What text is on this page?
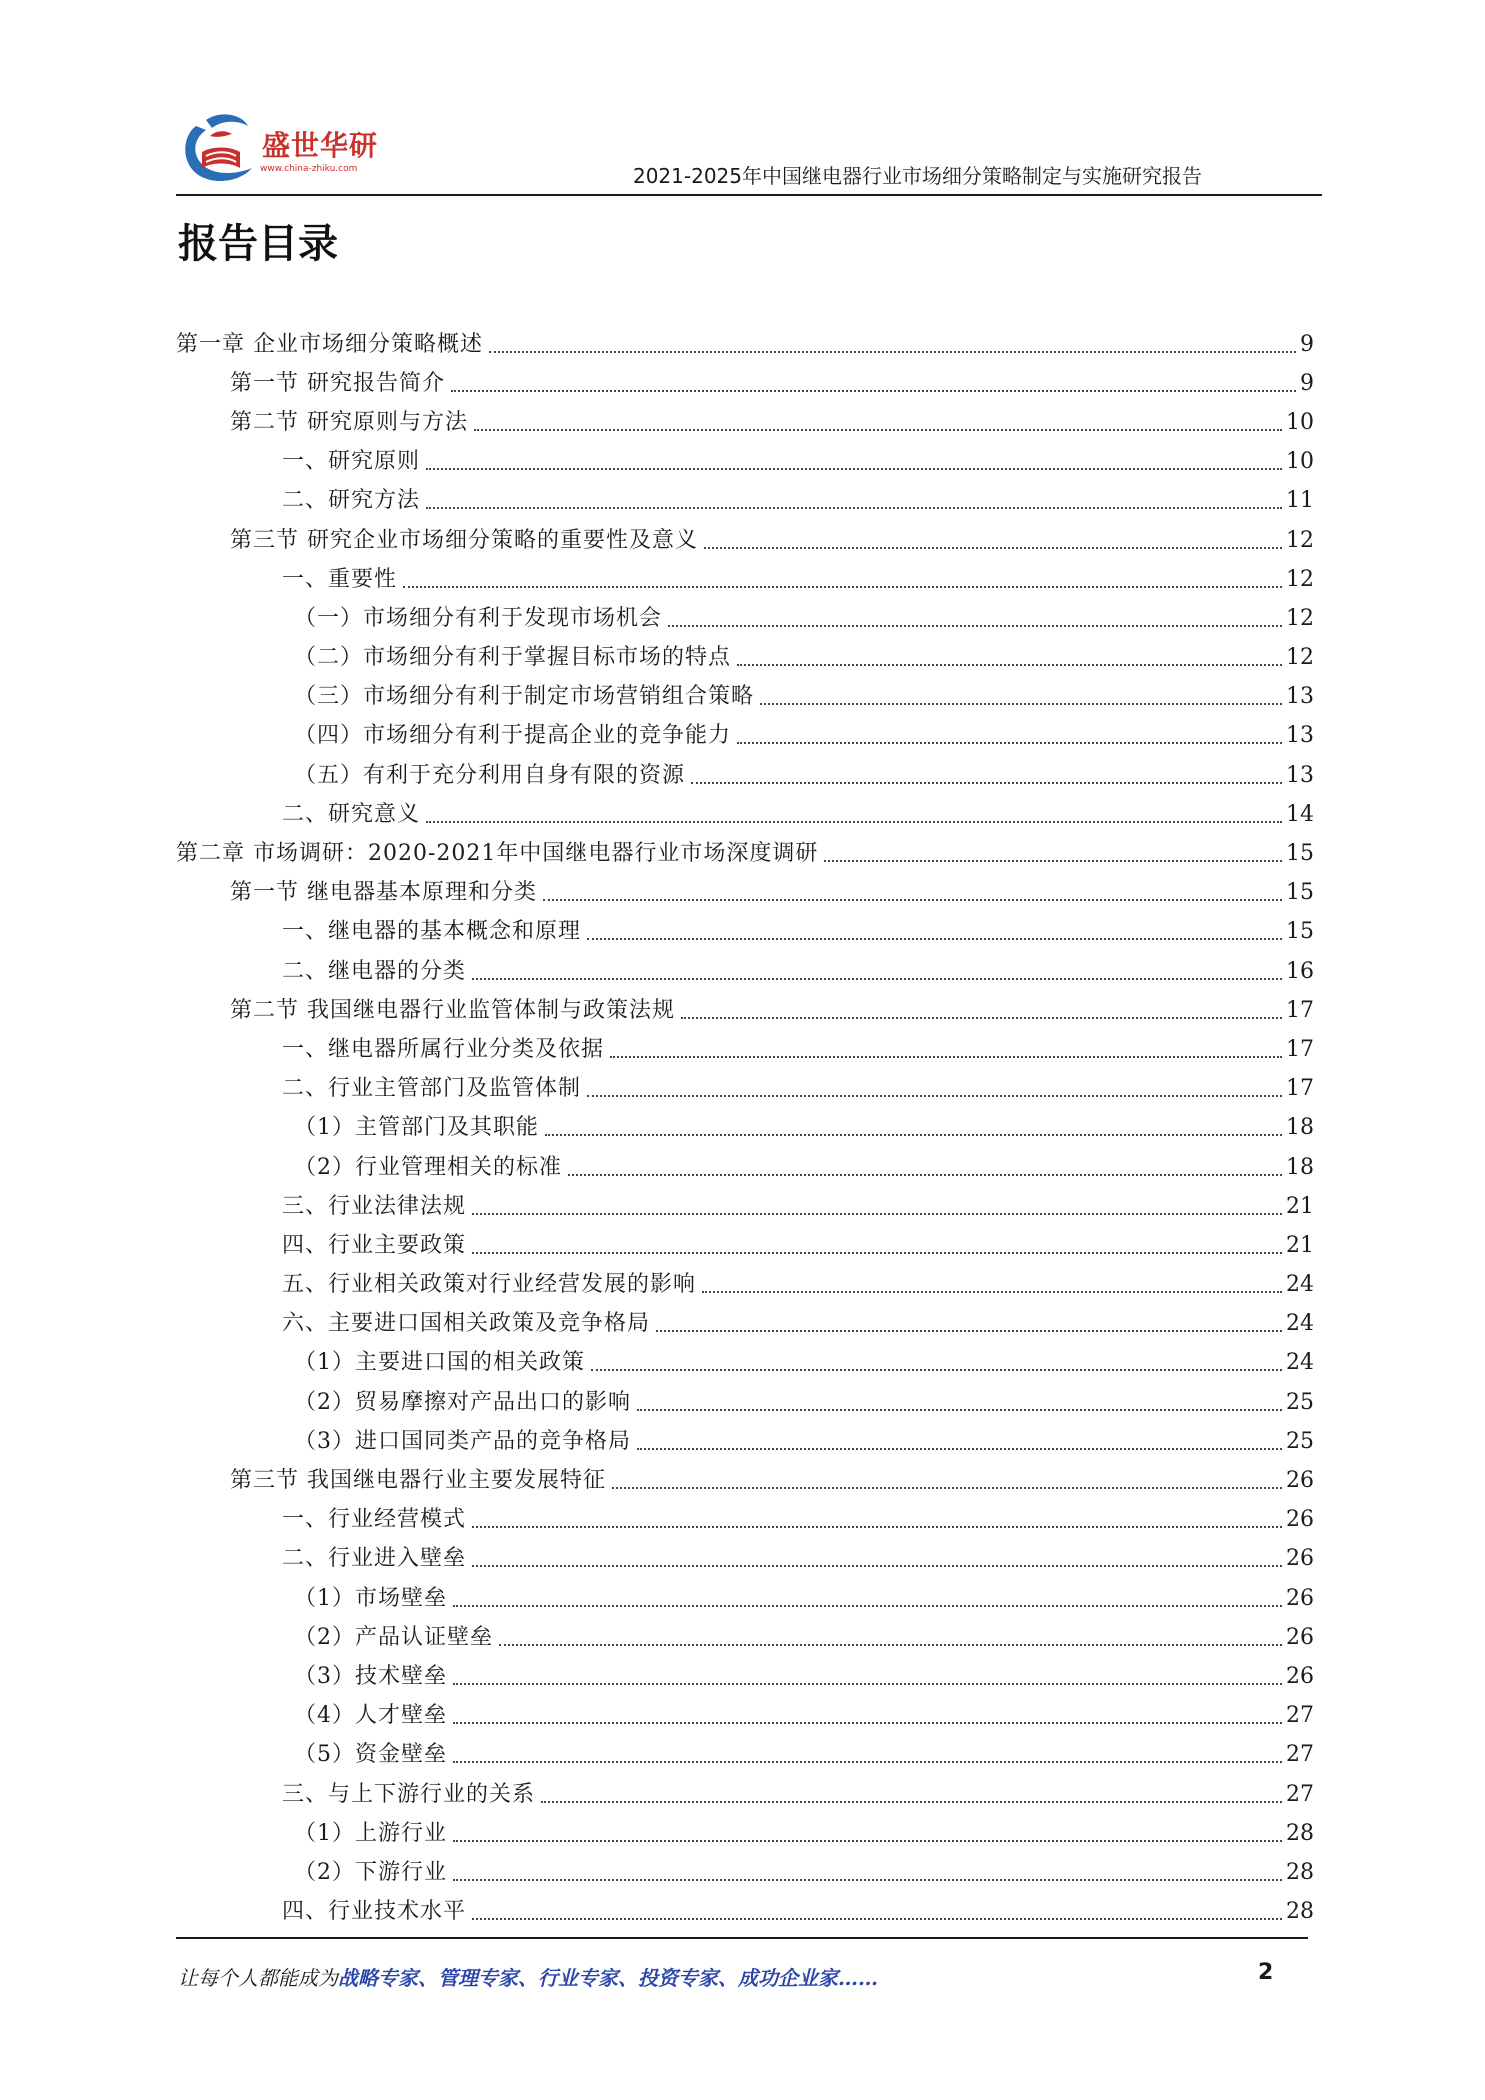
盛世华研
www.china-zhiku.com	2021-2025年中国继电器行业市场细分策略制定与实施研究报告
报告目录
第一章 企业市场细分策略概述	9
第一节 研究报告简介	9
第二节 研究原则与方法	10
一、研究原则	10
二、研究方法	11
第三节 研究企业市场细分策略的重要性及意义	12
一、重要性	12
（一）市场细分有利于发现市场机会	12
（二）市场细分有利于掌握目标市场的特点	12
（三）市场细分有利于制定市场营销组合策略	13
（四）市场细分有利于提高企业的竞争能力	13
（五）有利于充分利用自身有限的资源	13
二、研究意义	14
第二章 市场调研：2020-2021年中国继电器行业市场深度调研	15
第一节 继电器基本原理和分类	15
一、继电器的基本概念和原理	15
二、继电器的分类	16
第二节 我国继电器行业监管体制与政策法规	17
一、继电器所属行业分类及依据	17
二、行业主管部门及监管体制	17
（1）主管部门及其职能	18
（2）行业管理相关的标准	18
三、行业法律法规	21
四、行业主要政策	21
五、行业相关政策对行业经营发展的影响	24
六、主要进口国相关政策及竞争格局	24
（1）主要进口国的相关政策	24
（2）贸易摩擦对产品出口的影响	25
（3）进口国同类产品的竞争格局	25
第三节 我国继电器行业主要发展特征	26
一、行业经营模式	26
二、行业进入壁垒	26
（1）市场壁垒	26
（2）产品认证壁垒	26
（3）技术壁垒	26
（4）人才壁垒	27
（5）资金壁垒	27
三、与上下游行业的关系	27
（1）上游行业	28
（2）下游行业	28
四、行业技术水平	28
让每个人都能成为战略专家、管理专家、行业专家、投资专家、成功企业家……	2
